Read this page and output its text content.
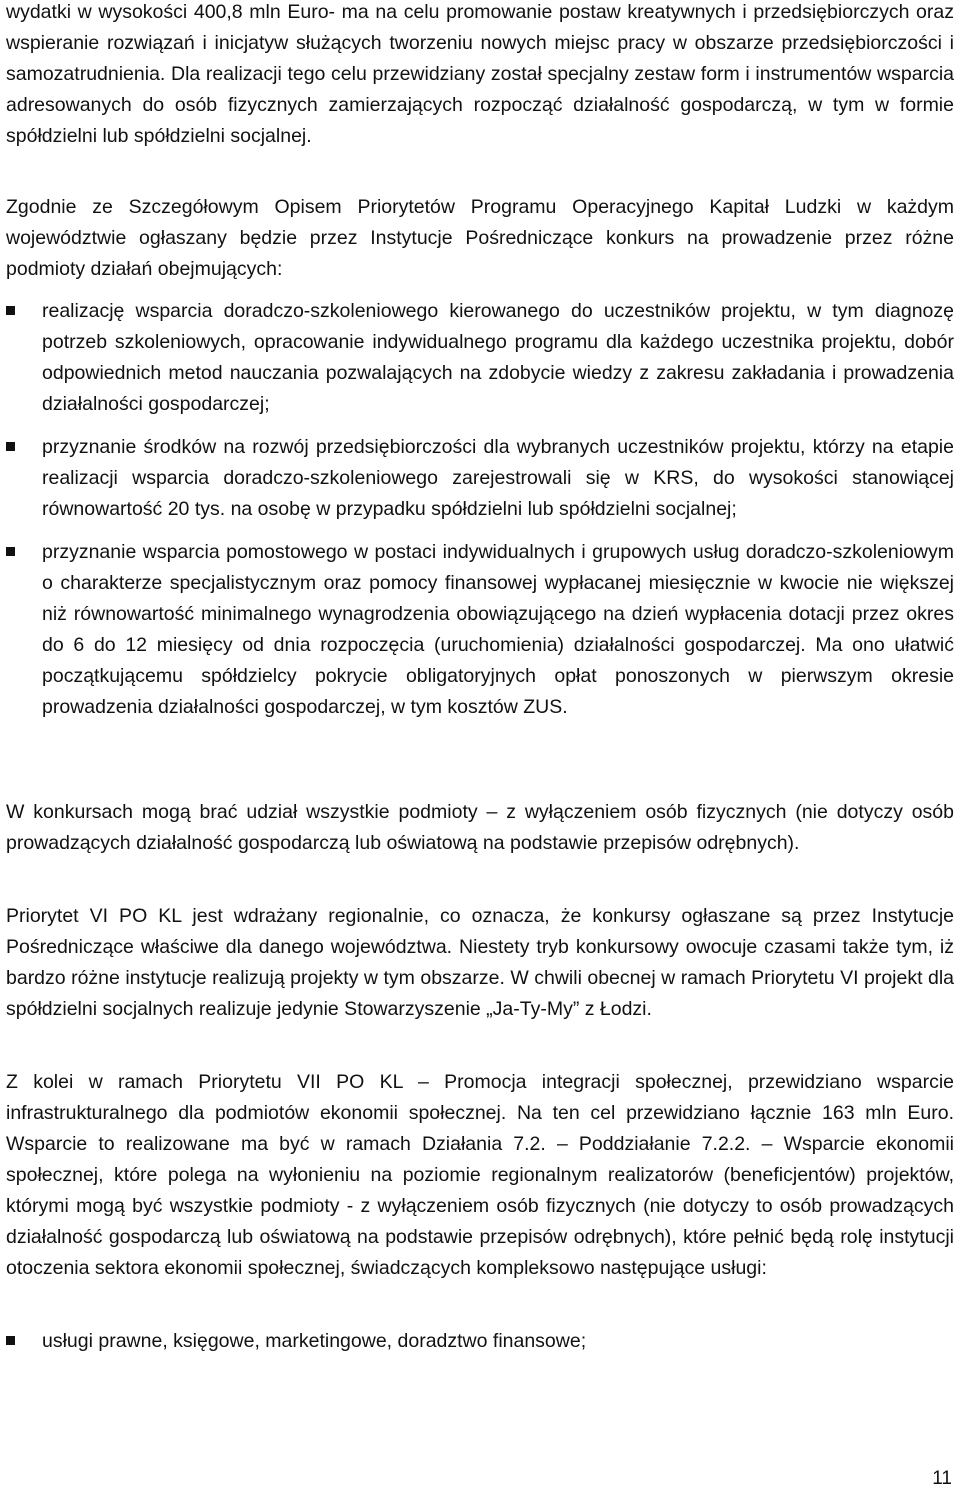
wydatki w wysokości 400,8 mln Euro- ma na celu promowanie postaw kreatywnych i przedsiębiorczych oraz wspieranie rozwiązań i inicjatyw służących tworzeniu nowych miejsc pracy w obszarze przedsiębiorczości i samozatrudnienia. Dla realizacji tego celu przewidziany został specjalny zestaw form i instrumentów wsparcia adresowanych do osób fizycznych zamierzających rozpocząć działalność gospodarczą, w tym w formie spółdzielni lub spółdzielni socjalnej.

Zgodnie ze Szczegółowym Opisem Priorytetów Programu Operacyjnego Kapitał Ludzki w każdym województwie ogłaszany będzie przez Instytucje Pośredniczące konkurs na prowadzenie przez różne podmioty działań obejmujących:

realizację wsparcia doradczo-szkoleniowego kierowanego do uczestników projektu, w tym diagnozę potrzeb szkoleniowych, opracowanie indywidualnego programu dla każdego uczestnika projektu, dobór odpowiednich metod nauczania pozwalających na zdobycie wiedzy z zakresu zakładania i prowadzenia działalności gospodarczej;

przyznanie środków na rozwój przedsiębiorczości dla wybranych uczestników projektu, którzy na etapie realizacji wsparcia doradczo-szkoleniowego zarejestrowali się w KRS, do wysokości stanowiącej równowartość 20 tys. na osobę w przypadku spółdzielni lub spółdzielni socjalnej;

przyznanie wsparcia pomostowego w postaci indywidualnych i grupowych usług doradczo-szkoleniowym o charakterze specjalistycznym oraz pomocy finansowej wypłacanej miesięcznie w kwocie nie większej niż równowartość minimalnego wynagrodzenia obowiązującego na dzień wypłacenia dotacji przez okres do 6 do 12 miesięcy od dnia rozpoczęcia (uruchomienia) działalności gospodarczej. Ma ono ułatwić początkującemu spółdzielcy pokrycie obligatoryjnych opłat ponoszonych w pierwszym okresie prowadzenia działalności gospodarczej, w tym kosztów ZUS.

W konkursach mogą brać udział wszystkie podmioty – z wyłączeniem osób fizycznych (nie dotyczy osób prowadzących działalność gospodarczą lub oświatową na podstawie przepisów odrębnych).

Priorytet VI PO KL jest wdrażany regionalnie, co oznacza, że konkursy ogłaszane są przez Instytucje Pośredniczące właściwe dla danego województwa. Niestety tryb konkursowy owocuje czasami także tym, iż bardzo różne instytucje realizują projekty w tym obszarze. W chwili obecnej w ramach Priorytetu VI projekt dla spółdzielni socjalnych realizuje jedynie Stowarzyszenie „Ja-Ty-My” z Łodzi.

Z kolei w ramach Priorytetu VII PO KL – Promocja integracji społecznej, przewidziano wsparcie infrastrukturalnego dla podmiotów ekonomii społecznej. Na ten cel przewidziano łącznie 163 mln Euro. Wsparcie to realizowane ma być w ramach Działania 7.2. – Poddziałanie 7.2.2. – Wsparcie ekonomii społecznej, które polega na wyłonieniu na poziomie regionalnym realizatorów (beneficjentów) projektów, którymi mogą być wszystkie podmioty - z wyłączeniem osób fizycznych (nie dotyczy to osób prowadzących działalność gospodarczą lub oświatową na podstawie przepisów odrębnych), które pełnić będą rolę instytucji otoczenia sektora ekonomii społecznej, świadczących kompleksowo następujące usługi:

usługi prawne, księgowe, marketingowe, doradztwo finansowe;

11
